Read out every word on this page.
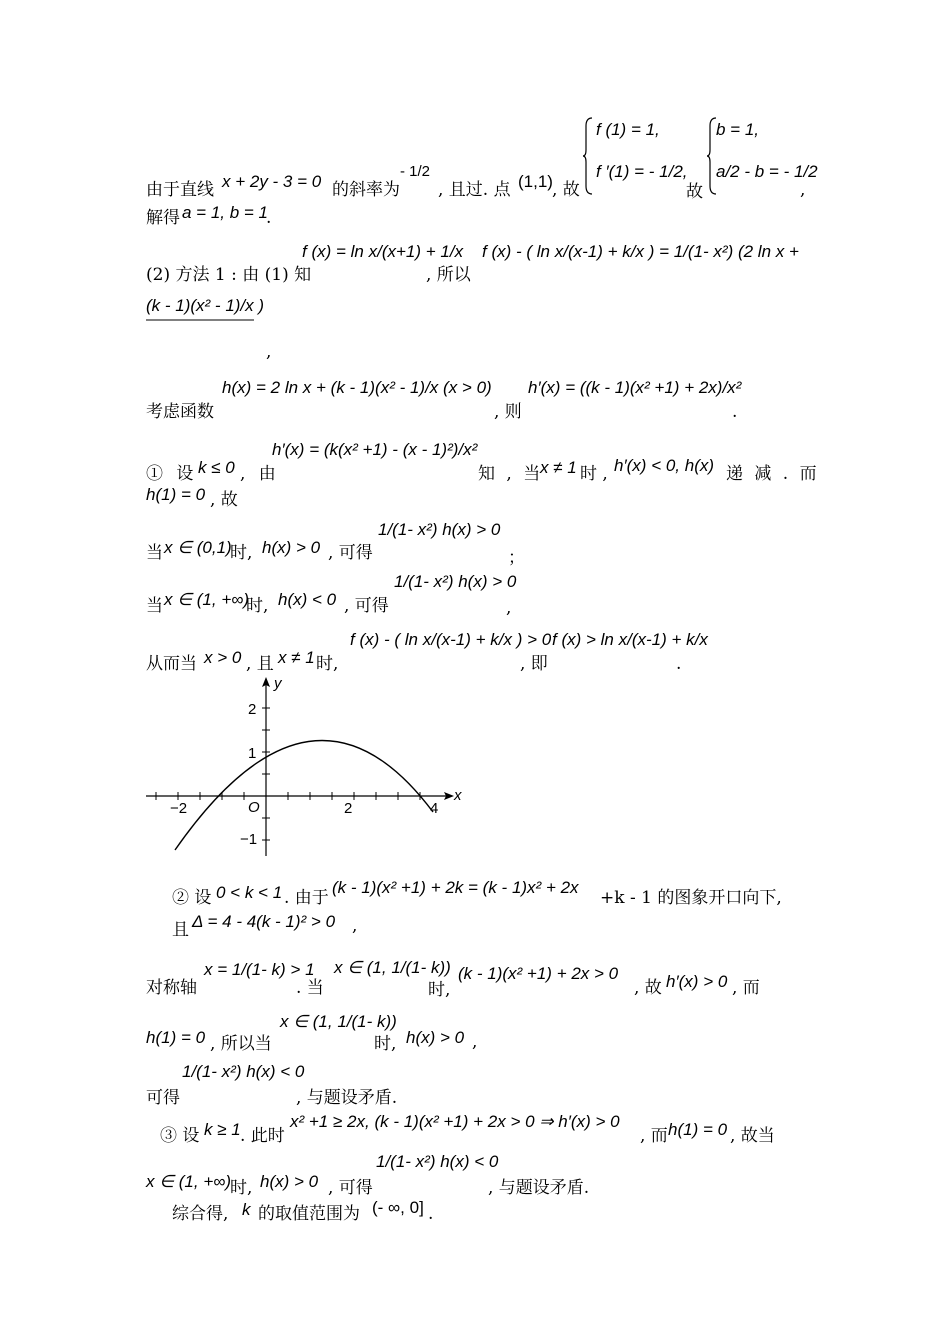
由于直线 x + 2y - 3 = 0 的斜率为
- 1/2
, 且过. 点 (1,1) , 故
f (1) = 1,
f ′(1) = - 1/2,
故
b = 1,
a/2 - b = - 1/2
,
解得 a = 1, b = 1
.
(2) 方法 1 : 由 (1) 知
f (x) = ln x/(x+1) + 1/x
, 所以
f (x) - ( ln x/(x-1) + k/x ) = 1/(1- x²) (2 ln x +
(k - 1)(x² - 1)/x )
,
考虑函数
h(x) = 2 ln x + (k - 1)(x² - 1)/x (x > 0)
, 则
h′(x) = ((k - 1)(x² +1) + 2x)/x²
.
① 设 k ≤ 0 , 由
h′(x) = (k(x² +1) - (x - 1)²)/x²
知 , 当
x ≠ 1 时 , h′(x) < 0, h(x) 递 减 . 而
h(1) = 0 , 故
当 x ∈ (0,1)
时, h(x) > 0 , 可得
1/(1- x²) h(x) > 0
；
当 x ∈ (1, +∞)
时, h(x) < 0 , 可得
1/(1- x²) h(x) > 0
,
从而当 x > 0 , 且 x ≠ 1 时,
f (x) - ( ln x/(x-1) + k/x ) > 0
, 即
f (x) > ln x/(x-1) + k/x
.
x
y
O
−2	2	4
2
1
−1
② 设 0 < k < 1 . 由于
(k - 1)(x² +1) + 2k = (k - 1)x² + 2x
+k - 1 的图象开口向下,
且 Δ = 4 - 4(k - 1)² > 0 ,
对称轴
x = 1/(1- k) > 1
. 当
x ∈ (1, 1/(1- k))
时,
(k - 1)(x² +1) + 2x > 0
, 故 h′(x) > 0 , 而
h(1) = 0 , 所以当
x ∈ (1, 1/(1- k))
时, h(x) > 0 ,
可得
1/(1- x²) h(x) < 0
, 与题设矛盾.
③ 设 k ≥ 1 . 此时
x² +1 ≥ 2x, (k - 1)(x² +1) + 2x > 0 ⇒ h′(x) > 0
, 而 h(1) = 0 , 故当
x ∈ (1, +∞)
时, h(x) > 0 , 可得
1/(1- x²) h(x) < 0
, 与题设矛盾.
综合得, k 的取值范围为 (- ∞, 0] .
